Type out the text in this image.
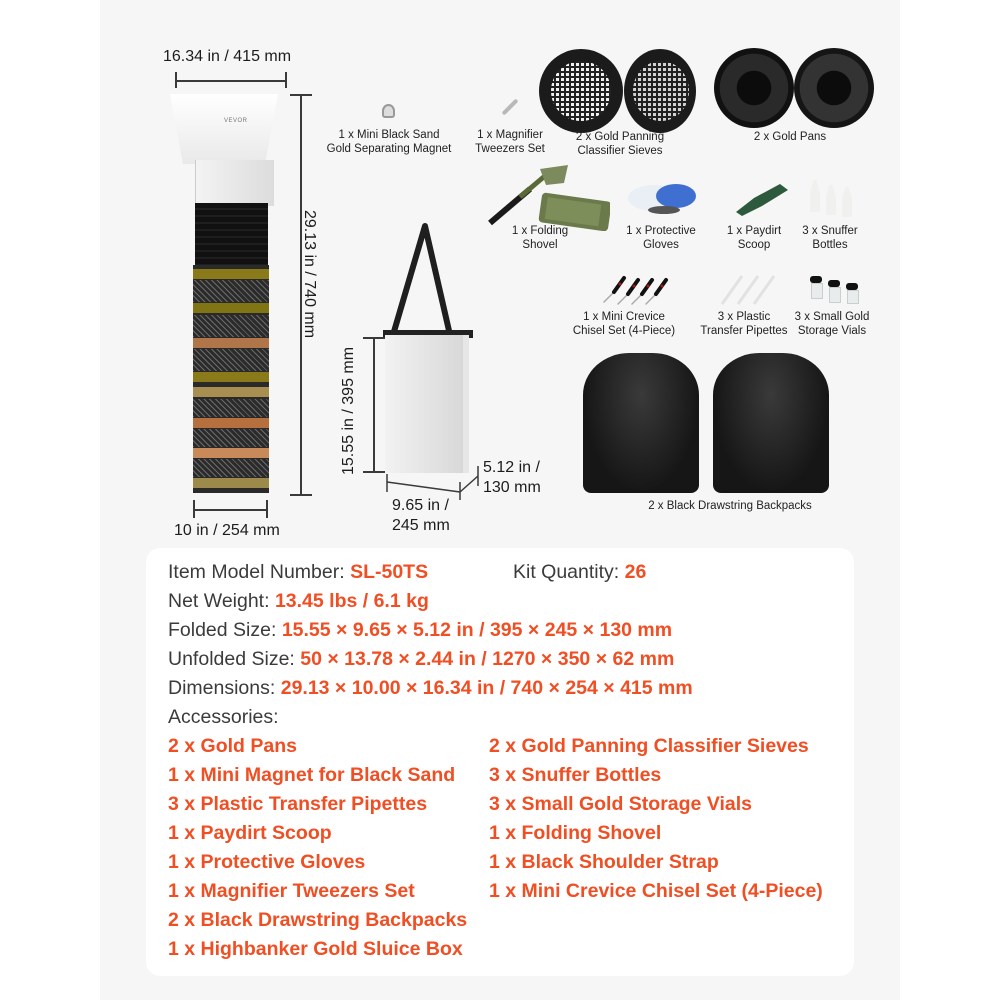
16.34 in / 415 mm
VEVOR
29.13 in / 740 mm
10 in / 254 mm
15.55 in / 395 mm
9.65 in /
245 mm
5.12 in /
130 mm
1 x Mini Black Sand
Gold Separating Magnet
1 x Magnifier
Tweezers Set
2 x Gold Panning
Classifier Sieves
2 x Gold Pans
1 x Folding
Shovel
1 x Protective
Gloves
1 x Paydirt
Scoop
3 x Snuffer
Bottles
1 x Mini Crevice
Chisel Set (4-Piece)
3 x Plastic
Transfer Pipettes
3 x Small Gold
Storage Vials
2 x Black Drawstring Backpacks
Item Model Number: SL-50TS	Kit Quantity: 26
Net Weight: 13.45 lbs / 6.1 kg
Folded Size: 15.55 × 9.65 × 5.12 in / 395 × 245 × 130 mm
Unfolded Size: 50 × 13.78 × 2.44 in / 1270 × 350 × 62 mm
Dimensions: 29.13 × 10.00 × 16.34 in / 740 × 254 × 415 mm
Accessories:
2 x Gold Pans
1 x Mini Magnet for Black Sand
3 x Plastic Transfer Pipettes
1 x Paydirt Scoop
1 x Protective Gloves
1 x Magnifier Tweezers Set
2 x Black Drawstring Backpacks
1 x Highbanker Gold Sluice Box
2 x Gold Panning Classifier Sieves
3 x Snuffer Bottles
3 x Small Gold Storage Vials
1 x Folding Shovel
1 x Black Shoulder Strap
1 x Mini Crevice Chisel Set (4-Piece)
